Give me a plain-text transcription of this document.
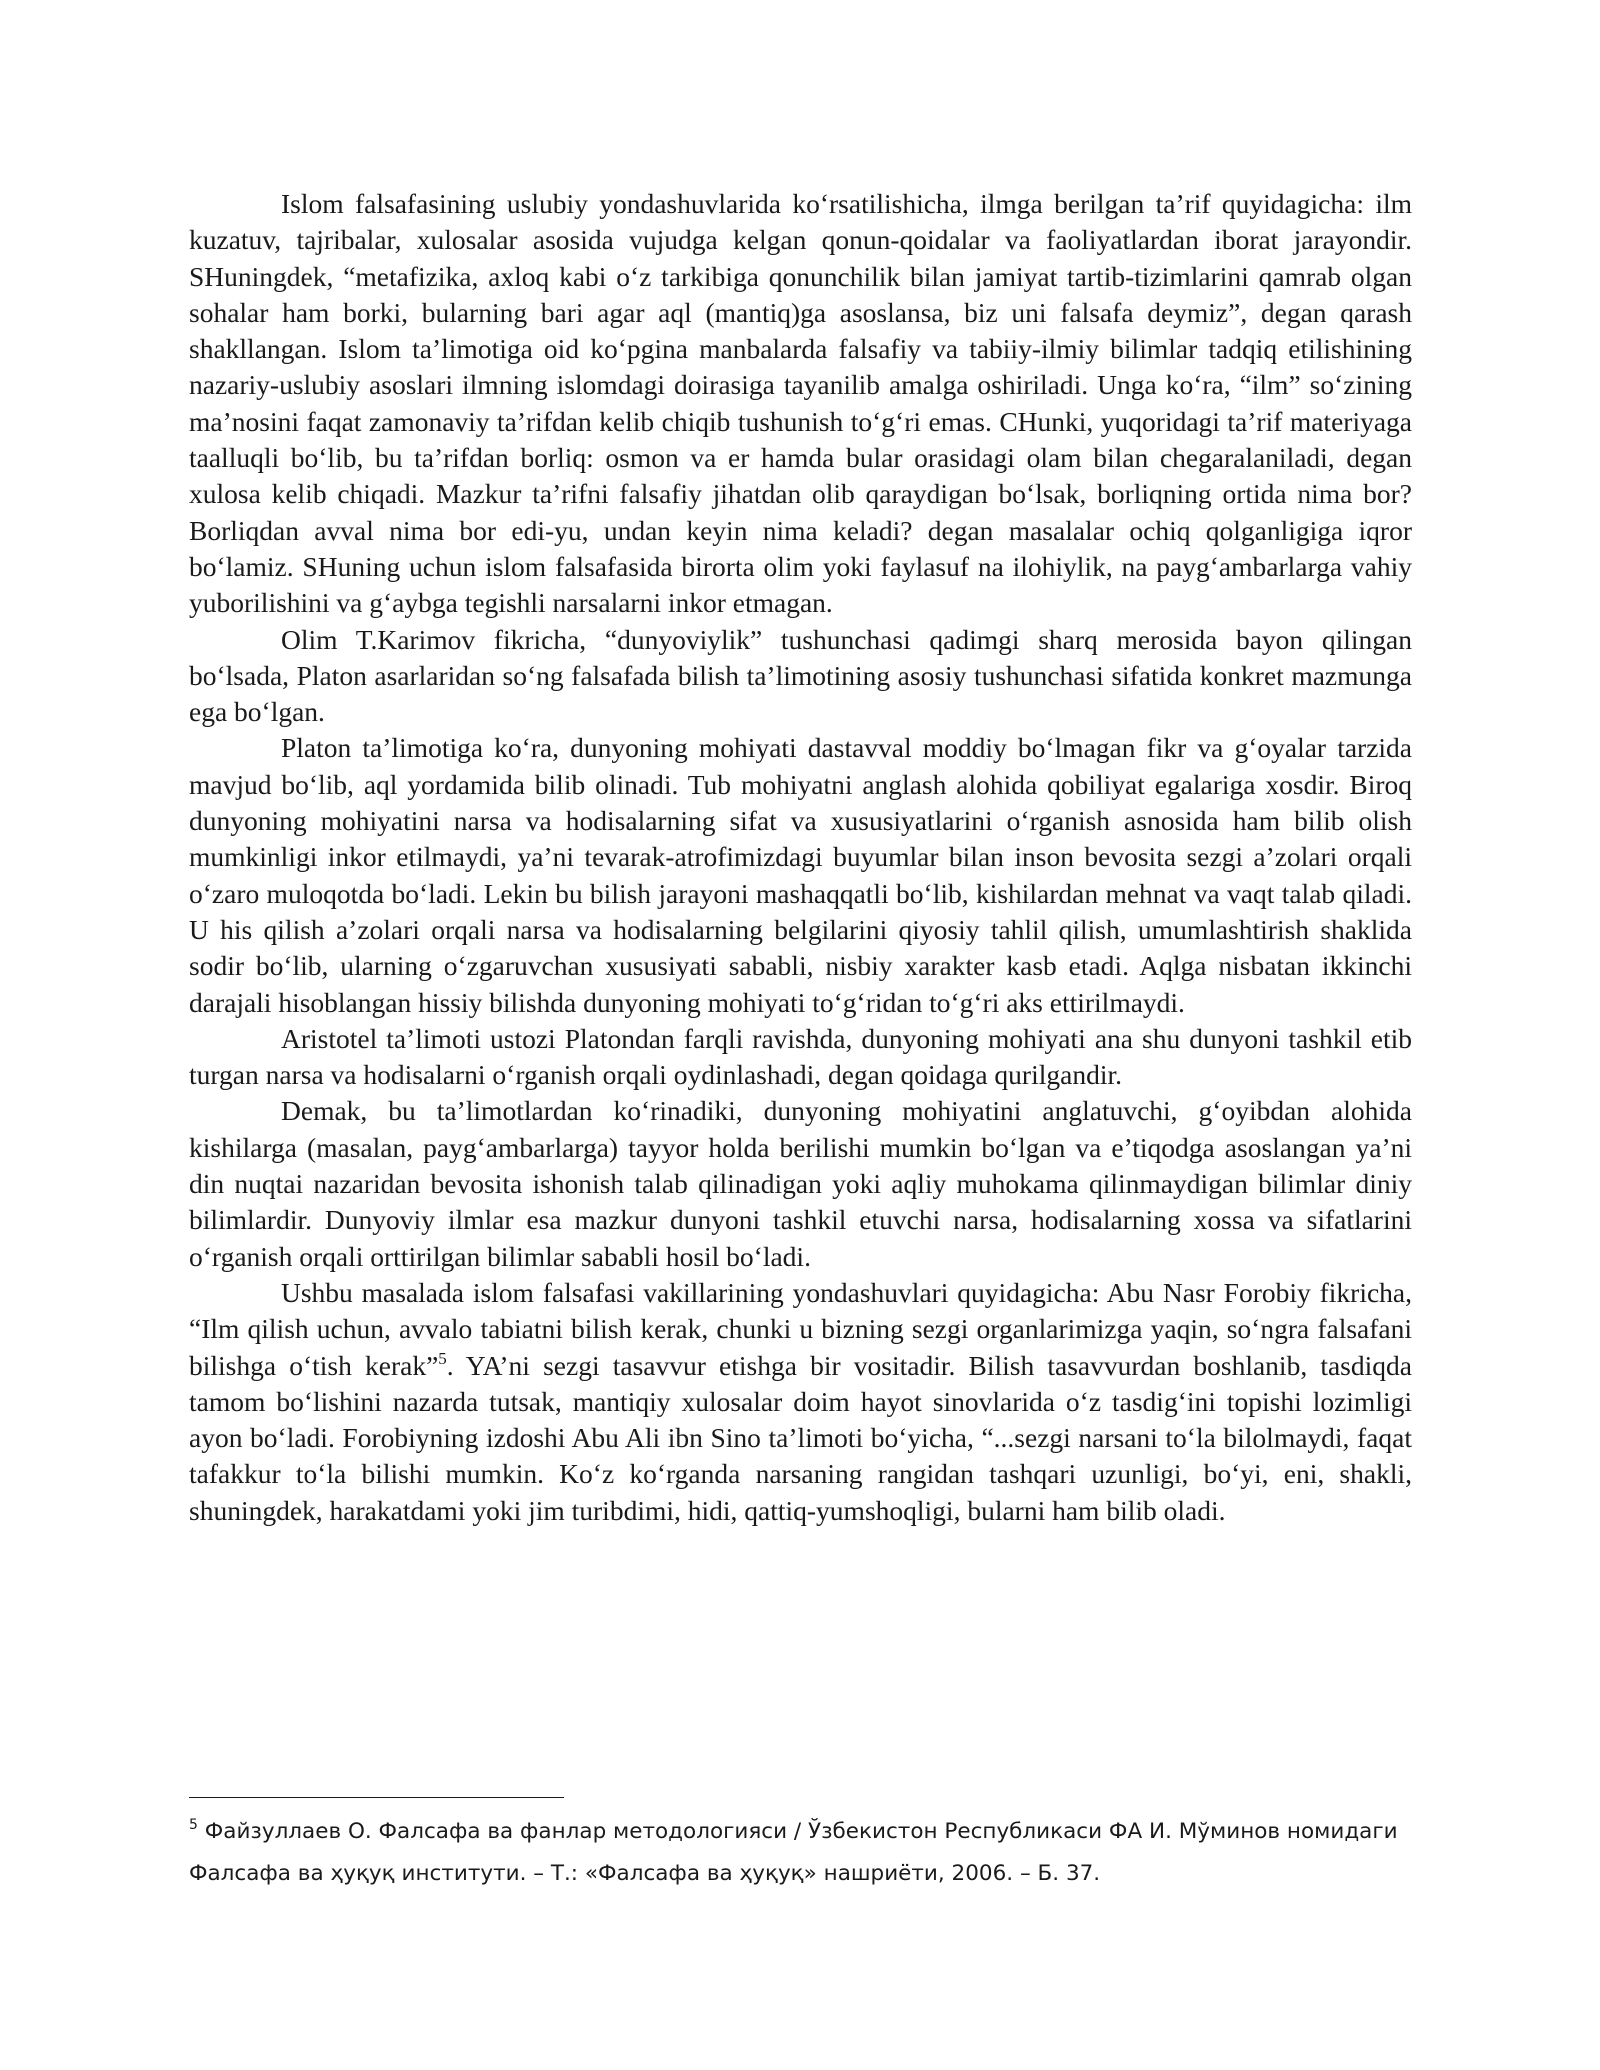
Islom falsafasining uslubiy yondashuvlarida koʻrsatilishicha, ilmga berilgan ta’rif quyidagicha: ilm kuzatuv, tajribalar, xulosalar asosida vujudga kelgan qonun-qoidalar va faoliyatlardan iborat jarayondir. SHuningdek, “metafizika, axloq kabi oʻz tarkibiga qonunchilik bilan jamiyat tartib-tizimlarini qamrab olgan sohalar ham borki, bularning bari agar aql (mantiq)ga asoslansa, biz uni falsafa deymiz”, degan qarash shakllangan. Islom ta’limotiga oid koʻpgina manbalarda falsafiy va tabiiy-ilmiy bilimlar tadqiq etilishining nazariy-uslubiy asoslari ilmning islomdagi doirasiga tayanilib amalga oshiriladi. Unga koʻra, “ilm” soʻzining ma’nosini faqat zamonaviy ta’rifdan kelib chiqib tushunish toʻgʻri emas. CHunki, yuqoridagi ta’rif materiyaga taalluqli boʻlib, bu ta’rifdan borliq: osmon va er hamda bular orasidagi olam bilan chegaralaniladi, degan xulosa kelib chiqadi. Mazkur ta’rifni falsafiy jihatdan olib qaraydigan boʻlsak, borliqning ortida nima bor? Borliqdan avval nima bor edi-yu, undan keyin nima keladi? degan masalalar ochiq qolganligiga iqror boʻlamiz. SHuning uchun islom falsafasida birorta olim yoki faylasuf na ilohiylik, na paygʻambarlarga vahiy yuborilishini va gʻaybga tegishli narsalarni inkor etmagan.

Olim T.Karimov fikricha, “dunyoviylik” tushunchasi qadimgi sharq merosida bayon qilingan boʻlsada, Platon asarlaridan soʻng falsafada bilish ta’limotining asosiy tushunchasi sifatida konkret mazmunga ega boʻlgan.

Platon ta’limotiga koʻra, dunyoning mohiyati dastavval moddiy boʻlmagan fikr va gʻoyalar tarzida mavjud boʻlib, aql yordamida bilib olinadi. Tub mohiyatni anglash alohida qobiliyat egalariga xosdir. Biroq dunyoning mohiyatini narsa va hodisalarning sifat va xususiyatlarini oʻrganish asnosida ham bilib olish mumkinligi inkor etilmaydi, ya’ni tevarak-atrofimizdagi buyumlar bilan inson bevosita sezgi a’zolari orqali oʻzaro muloqotda boʻladi. Lekin bu bilish jarayoni mashaqqatli boʻlib, kishilardan mehnat va vaqt talab qiladi. U his qilish a’zolari orqali narsa va hodisalarning belgilarini qiyosiy tahlil qilish, umumlashtirish shaklida sodir boʻlib, ularning oʻzgaruvchan xususiyati sababli, nisbiy xarakter kasb etadi. Aqlga nisbatan ikkinchi darajali hisoblangan hissiy bilishda dunyoning mohiyati toʻgʻridan toʻgʻri aks ettirilmaydi.

Aristotel ta’limoti ustozi Platondan farqli ravishda, dunyoning mohiyati ana shu dunyoni tashkil etib turgan narsa va hodisalarni oʻrganish orqali oydinlashadi, degan qoidaga qurilgandir.

Demak, bu ta’limotlardan koʻrinadiki, dunyoning mohiyatini anglatuvchi, gʻoyibdan alohida kishilarga (masalan, paygʻambarlarga) tayyor holda berilishi mumkin boʻlgan va e’tiqodga asoslangan ya’ni din nuqtai nazaridan bevosita ishonish talab qilinadigan yoki aqliy muhokama qilinmaydigan bilimlar diniy bilimlardir. Dunyoviy ilmlar esa mazkur dunyoni tashkil etuvchi narsa, hodisalarning xossa va sifatlarini oʻrganish orqali orttirilgan bilimlar sababli hosil boʻladi.

Ushbu masalada islom falsafasi vakillarining yondashuvlari quyidagicha: Abu Nasr Forobiy fikricha, “Ilm qilish uchun, avvalo tabiatni bilish kerak, chunki u bizning sezgi organlarimizga yaqin, soʻngra falsafani bilishga oʻtish kerak”$^5$. YA’ni sezgi tasavvur etishga bir vositadir. Bilish tasavvurdan boshlanib, tasdiqda tamom boʻlishini nazarda tutsak, mantiqiy xulosalar doim hayot sinovlarida oʻz tasdigʻini topishi lozimligi ayon boʻladi. Forobiyning izdoshi Abu Ali ibn Sino ta’limoti boʻyicha, “...sezgi narsani toʻla bilolmaydi, faqat tafakkur toʻla bilishi mumkin. Koʻz koʻrganda narsaning rangidan tashqari uzunligi, boʻyi, eni, shakli, shuningdek, harakatdami yoki jim turibdimi, hidi, qattiq-yumshoqligi, bularni ham bilib oladi.

$^5$ Файзуллаев О. Фалсафа ва фанлар методологияси / Ўзбекистон Республикаси ФА И. Мўминов номидаги Фалсафа ва ҳуқуқ институти. – Т.: «Фалсафа ва ҳуқуқ» нашриёти, 2006. – Б. 37.
